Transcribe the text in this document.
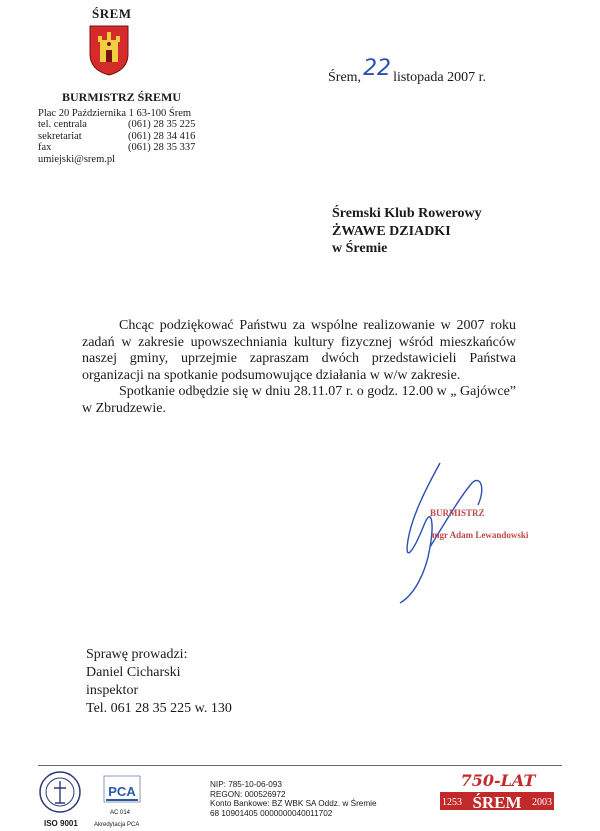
ŚREM
BURMISTRZ ŚREMU
Plac 20 Października 1 63-100 Śrem
tel. centrala	(061) 28 35 225
sekretariat	(061) 28 34 416
fax	(061) 28 35 337
umiejski@srem.pl
Śrem,22 listopada 2007 r.
Śremski Klub Rowerowy
ŻWAWE DZIADKI
w Śremie

Chcąc podziękować Państwu za wspólne realizowanie w 2007 roku zadań w zakresie upowszechniania kultury fizycznej wśród mieszkańców naszej gminy, uprzejmie zapraszam dwóch przedstawicieli Państwa organizacji na spotkanie podsumowujące działania w w/w zakresie.

Spotkanie odbędzie się w dniu 28.11.07 r. o godz. 12.00 w „ Gajówce” w Zbrudzewie.

BURMISTRZ
mgr Adam Lewandowski
Sprawę prowadzi:
Daniel Cicharski
inspektor
Tel. 061 28 35 225 w. 130
ISO 9001
PCA
AC 014
Akredytacja PCA
NIP: 785-10-06-093
REGON: 000526972
Konto Bankowe: BZ WBK SA Oddz. w Śremie
68 10901405 0000000040011702
750-LAT
1253 ŚREM 2003
